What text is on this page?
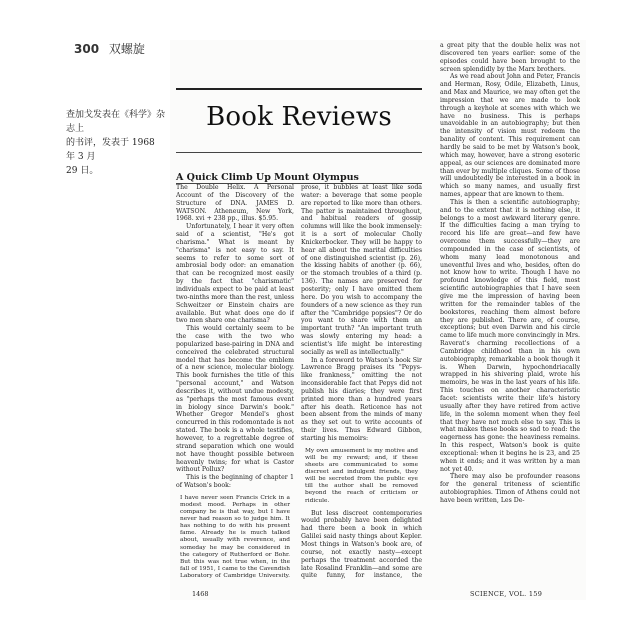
300 双螺旋
查加戈发表在《科学》杂志上
的书评，发表于 1968 年 3 月
29 日。
Book Reviews
A Quick Climb Up Mount Olympus

The Double Helix. A Personal Account of the Discovery of the Structure of DNA. JAMES D. WATSON. Atheneum, New York, 1968. xvi + 238 pp., illus. $5.95.

Unfortunately, I hear it very often said of a scientist, "He's got charisma." What is meant by "charisma" is not easy to say. It seems to refer to some sort of ambrosial body odor: an emanation that can be recognized most easily by the fact that "charismatic" individuals expect to be paid at least two-ninths more than the rest, unless Schweitzer or Einstein chairs are available. But what does one do if two men share one charisma?

This would certainly seem to be the case with the two who popularized base-pairing in DNA and conceived the celebrated structural model that has become the emblem of a new science, molecular biology. This book furnishes the title of this "personal account," and Watson describes it, without undue modesty, as "perhaps the most famous event in biology since Darwin's book." Whether Gregor Mendel's ghost concurred in this rodomontade is not stated. The book is a whole testifies, however, to a regrettable degree of strand separation which one would not have thought possible between heavenly twins; for what is Castor without Pollux?

This is the beginning of chapter 1 of Watson's book:

I have never seen Francis Crick in a modest mood. Perhaps in other company he is that way, but I have never had reason so to judge him. It has nothing to do with his present fame. Already he is much talked about, usually with reverence, and someday he may be considered in the category of Rutherford or Bohr. But this was not true when, in the fall of 1951, I came to the Cavendish Laboratory of Cambridge University.

prose, it bubbles at least like soda water: a beverage that some people are reported to like more than others. The patter is maintained throughout, and habitual readers of gossip columns will like the book immensely: it is a sort of molecular Cholly Knickerbocker. They will be happy to hear all about the marital difficulties of one distinguished scientist (p. 26), the kissing habits of another (p. 66), or the stomach troubles of a third (p. 136). The names are preserved for posterity; only I have omitted them here. Do you wish to accompany the founders of a new science as they run after the "Cambridge popsies"? Or do you want to share with them an important truth? "An important truth was slowly entering my head: a scientist's life might be interesting socially as well as intellectually."

In a foreword to Watson's book Sir Lawrence Bragg praises its "Pepys-like frankness," omitting the not inconsiderable fact that Pepys did not publish his diaries; they were first printed more than a hundred years after his death. Reticence has not been absent from the minds of many as they set out to write accounts of their lives. Thus Edward Gibbon, starting his memoirs:

My own amusement is my motive and will be my reward; and, if these sheets are communicated to some discreet and indulgent friends, they will be secreted from the public eye till the author shall be removed beyond the reach of criticism or ridicule.

But less discreet contemporaries would probably have been delighted had there been a book in which Galilei said nasty things about Kepler. Most things in Watson's book are, of course, not exactly nasty—except perhaps the treatment accorded the late Rosalind Franklin—and some are quite funny, for instance, the

a great pity that the double helix was not discovered ten years earlier: some of the episodes could have been brought to the screen splendidly by the Marx brothers.

As we read about John and Peter, Francis and Herman, Rosy, Odile, Elizabeth, Linus, and Max and Maurice, we may often get the impression that we are made to look through a keyhole at scenes with which we have no business. This is perhaps unavoidable in an autobiography; but then the intensity of vision must redeem the banality of content. This requirement can hardly be said to be met by Watson's book, which may, however, have a strong esoteric appeal, as our sciences are dominated more than ever by multiple cliques. Some of those will undoubtedly be interested in a book in which so many names, and usually first names, appear that are known to them.

This is then a scientific autobiography; and to the extent that it is nothing else, it belongs to a most awkward literary genre. If the difficulties facing a man trying to record his life are great—and few have overcome them successfully—they are compounded in the case of scientists, of whom many lead monotonous and uneventful lives and who, besides, often do not know how to write. Though I have no profound knowledge of this field, most scientific autobiographies that I have seen give me the impression of having been written for the remainder tables of the bookstores, reaching them almost before they are published. There are, of course, exceptions; but even Darwin and his circle came to life much more convincingly in Mrs. Raverat's charming recollections of a Cambridge childhood than in his own autobiography, remarkable a book though it is. When Darwin, hypochondriacally wrapped in his shivering plaid, wrote his memoirs, he was in the last years of his life. This touches on another characteristic facet: scientists write their life's history usually after they have retired from active life, in the solemn moment when they feel that they have not much else to say. This is what makes these books so sad to read: the eagerness has gone: the heaviness remains. In this respect, Watson's book is quite exceptional: when it begins he is 23, and 25 when it ends; and it was written by a man not yet 40.

There may also be profounder reasons for the general triteness of scientific autobiographies. Timon of Athens could not have been written, Les De-

1468	SCIENCE, VOL. 159
